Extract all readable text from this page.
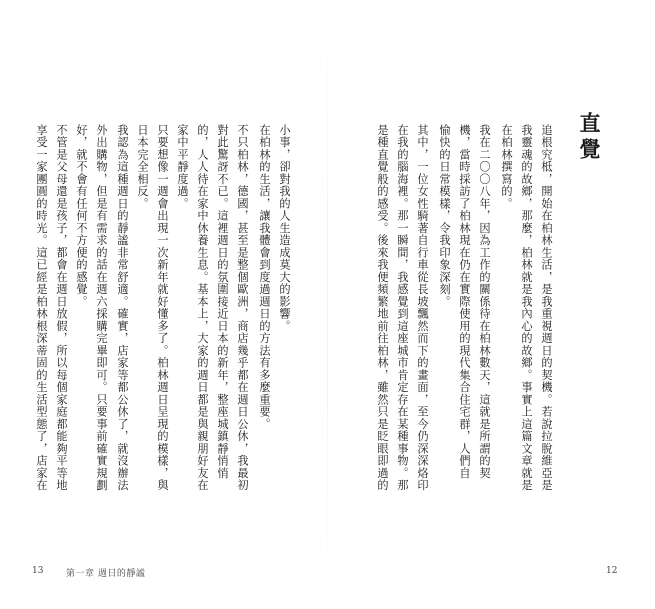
直覺
追根究柢，開始在柏林生活，是我重視週日的契機。若說拉脫維亞是
我靈魂的故鄉，那麼，柏林就是我內心的故鄉。事實上這篇文章就是
在柏林撰寫的。
我在二〇〇八年，因為工作的關係待在柏林數天，這就是所謂的契
機，當時採訪了柏林現在仍在實際使用的現代集合住宅群，人們自
愉快的日常模樣，令我印象深刻。
其中，一位女性騎著自行車從長坡飄然而下的畫面，至今仍深深烙印
在我的腦海裡。那一瞬間，我感覺到這座城市肯定存在某種事物。那
是種直覺般的感受。後來我便頻繁地前往柏林，雖然只是眨眼即過的
12
小事，卻對我的人生造成莫大的影響。
在柏林的生活，讓我體會到度過週日的方法有多麼重要。
不只柏林，德國，甚至是整個歐洲，商店幾乎都在週日公休，我最初
對此驚訝不已。這裡週日的氛圍接近日本的新年，整座城鎮靜悄悄
的，人人待在家中休養生息。基本上，大家的週日都是與親朋好友在
家中平靜度過。
只要想像一週會出現一次新年就好懂多了。柏林週日呈現的模樣，與
日本完全相反。
我認為這種週日的靜謐非常舒適。確實，店家等都公休了，就沒辦法
外出購物，但是有需求的話在週六採購完畢即可。只要事前確實規劃
好，就不會有任何不方便的感覺。
不管是父母還是孩子，都會在週日放假，所以每個家庭都能夠平等地
享受一家團圓的時光。這已經是柏林根深蒂固的生活型態了，店家在
13	第一章 週日的靜謐
